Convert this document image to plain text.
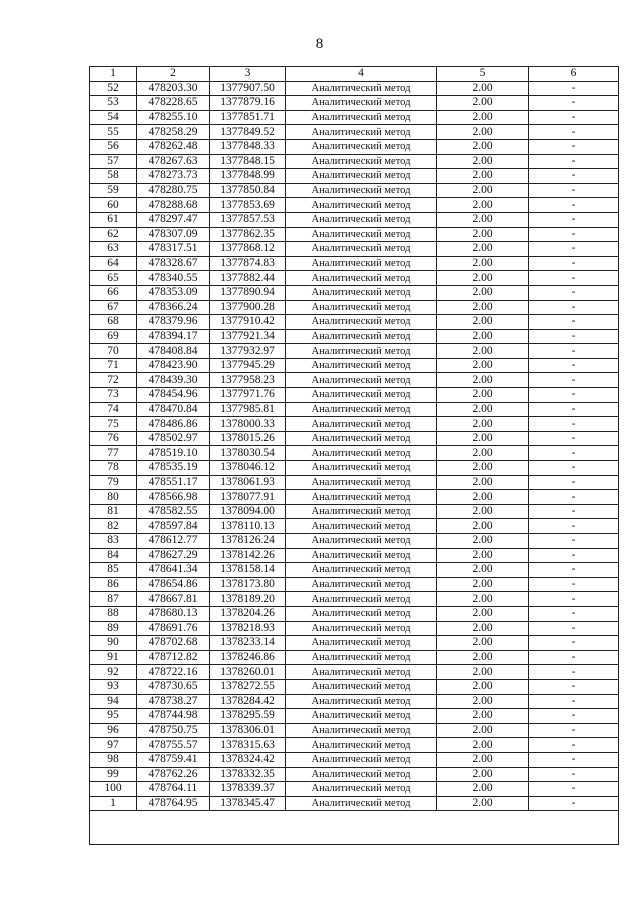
8
1	2	3	4	5	6
52	478203.30	1377907.50	Аналитический метод	2.00	-
53	478228.65	1377879.16	Аналитический метод	2.00	-
54	478255.10	1377851.71	Аналитический метод	2.00	-
55	478258.29	1377849.52	Аналитический метод	2.00	-
56	478262.48	1377848.33	Аналитический метод	2.00	-
57	478267.63	1377848.15	Аналитический метод	2.00	-
58	478273.73	1377848.99	Аналитический метод	2.00	-
59	478280.75	1377850.84	Аналитический метод	2.00	-
60	478288.68	1377853.69	Аналитический метод	2.00	-
61	478297.47	1377857.53	Аналитический метод	2.00	-
62	478307.09	1377862.35	Аналитический метод	2.00	-
63	478317.51	1377868.12	Аналитический метод	2.00	-
64	478328.67	1377874.83	Аналитический метод	2.00	-
65	478340.55	1377882.44	Аналитический метод	2.00	-
66	478353.09	1377890.94	Аналитический метод	2.00	-
67	478366.24	1377900.28	Аналитический метод	2.00	-
68	478379.96	1377910.42	Аналитический метод	2.00	-
69	478394.17	1377921.34	Аналитический метод	2.00	-
70	478408.84	1377932.97	Аналитический метод	2.00	-
71	478423.90	1377945.29	Аналитический метод	2.00	-
72	478439.30	1377958.23	Аналитический метод	2.00	-
73	478454.96	1377971.76	Аналитический метод	2.00	-
74	478470.84	1377985.81	Аналитический метод	2.00	-
75	478486.86	1378000.33	Аналитический метод	2.00	-
76	478502.97	1378015.26	Аналитический метод	2.00	-
77	478519.10	1378030.54	Аналитический метод	2.00	-
78	478535.19	1378046.12	Аналитический метод	2.00	-
79	478551.17	1378061.93	Аналитический метод	2.00	-
80	478566.98	1378077.91	Аналитический метод	2.00	-
81	478582.55	1378094.00	Аналитический метод	2.00	-
82	478597.84	1378110.13	Аналитический метод	2.00	-
83	478612.77	1378126.24	Аналитический метод	2.00	-
84	478627.29	1378142.26	Аналитический метод	2.00	-
85	478641.34	1378158.14	Аналитический метод	2.00	-
86	478654.86	1378173.80	Аналитический метод	2.00	-
87	478667.81	1378189.20	Аналитический метод	2.00	-
88	478680.13	1378204.26	Аналитический метод	2.00	-
89	478691.76	1378218.93	Аналитический метод	2.00	-
90	478702.68	1378233.14	Аналитический метод	2.00	-
91	478712.82	1378246.86	Аналитический метод	2.00	-
92	478722.16	1378260.01	Аналитический метод	2.00	-
93	478730.65	1378272.55	Аналитический метод	2.00	-
94	478738.27	1378284.42	Аналитический метод	2.00	-
95	478744.98	1378295.59	Аналитический метод	2.00	-
96	478750.75	1378306.01	Аналитический метод	2.00	-
97	478755.57	1378315.63	Аналитический метод	2.00	-
98	478759.41	1378324.42	Аналитический метод	2.00	-
99	478762.26	1378332.35	Аналитический метод	2.00	-
100	478764.11	1378339.37	Аналитический метод	2.00	-
1	478764.95	1378345.47	Аналитический метод	2.00	-
